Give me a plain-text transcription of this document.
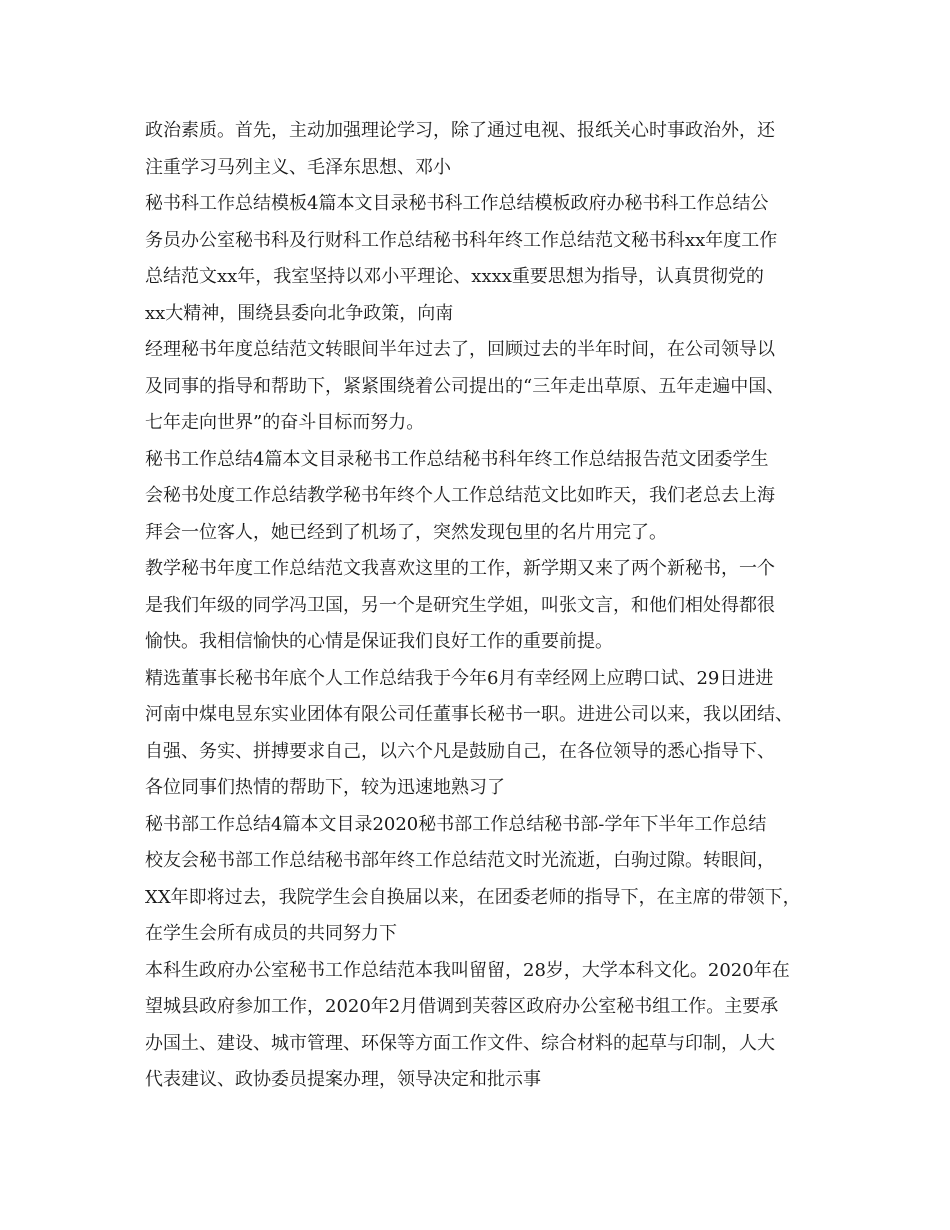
政治素质。首先，主动加强理论学习，除了通过电视、报纸关心时事政治外，还
注重学习马列主义、毛泽东思想、邓小
秘书科工作总结模板4篇本文目录秘书科工作总结模板政府办秘书科工作总结公
务员办公室秘书科及行财科工作总结秘书科年终工作总结范文秘书科xx年度工作
总结范文xx年，我室坚持以邓小平理论、xxxx重要思想为指导，认真贯彻党的
xx大精神，围绕县委向北争政策，向南
经理秘书年度总结范文转眼间半年过去了，回顾过去的半年时间，在公司领导以
及同事的指导和帮助下，紧紧围绕着公司提出的“三年走出草原、五年走遍中国、
七年走向世界”的奋斗目标而努力。
秘书工作总结4篇本文目录秘书工作总结秘书科年终工作总结报告范文团委学生
会秘书处度工作总结教学秘书年终个人工作总结范文比如昨天，我们老总去上海
拜会一位客人，她已经到了机场了，突然发现包里的名片用完了。
教学秘书年度工作总结范文我喜欢这里的工作，新学期又来了两个新秘书，一个
是我们年级的同学冯卫国，另一个是研究生学姐，叫张文言，和他们相处得都很
愉快。我相信愉快的心情是保证我们良好工作的重要前提。
精选董事长秘书年底个人工作总结我于今年6月有幸经网上应聘口试、29日进进
河南中煤电昱东实业团体有限公司任董事长秘书一职。进进公司以来，我以团结、
自强、务实、拼搏要求自己，以六个凡是鼓励自己，在各位领导的悉心指导下、
各位同事们热情的帮助下，较为迅速地熟习了
秘书部工作总结4篇本文目录2020秘书部工作总结秘书部-学年下半年工作总结
校友会秘书部工作总结秘书部年终工作总结范文时光流逝，白驹过隙。转眼间，
XX年即将过去，我院学生会自换届以来，在团委老师的指导下，在主席的带领下，
在学生会所有成员的共同努力下
本科生政府办公室秘书工作总结范本我叫留留，28岁，大学本科文化。2020年在
望城县政府参加工作，2020年2月借调到芙蓉区政府办公室秘书组工作。主要承
办国土、建设、城市管理、环保等方面工作文件、综合材料的起草与印制，人大
代表建议、政协委员提案办理，领导决定和批示事
